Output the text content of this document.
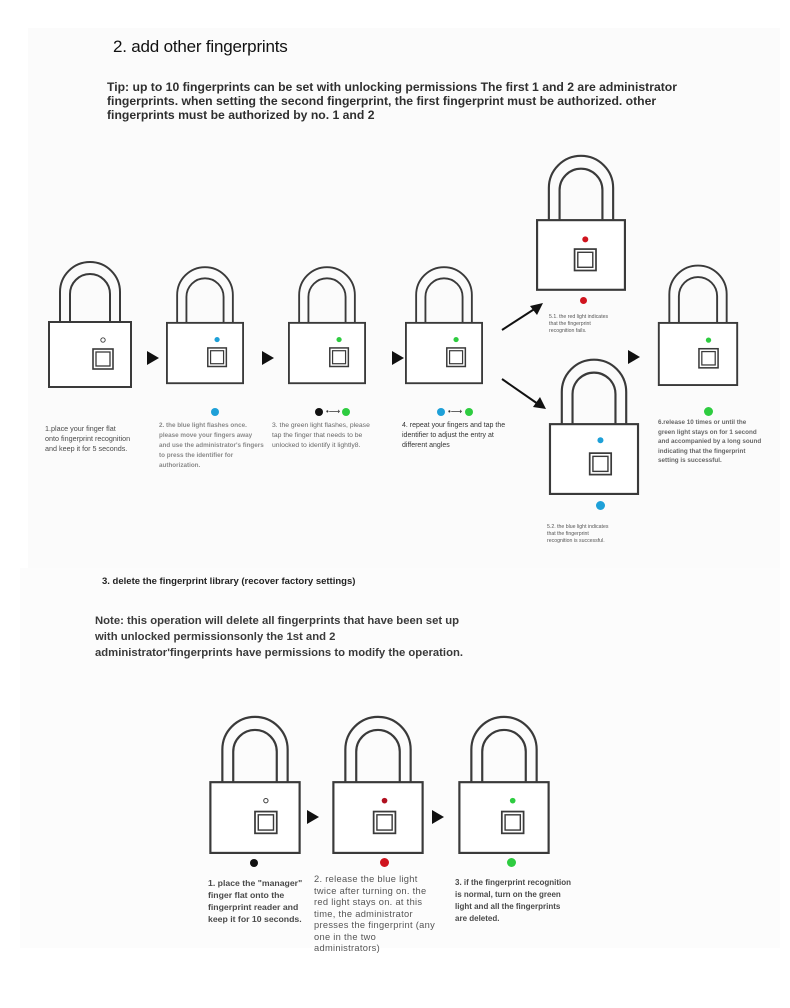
2. add other fingerprints
Tip: up to 10 fingerprints can be set with unlocking permissions The first 1 and 2 are administrator
fingerprints. when setting the second fingerprint, the first fingerprint must be authorized. other
fingerprints must be authorized by no. 1 and 2
•⟶	•⟶
5.1. the red light indicates
that the fingerprint
recognition fails.
5.2. the blue light indicates
that the fingerprint
recognition is successful.
1.place your finger flat
onto fingerprint recognition
and keep it for 5 seconds.
2. the blue light flashes once.
please move your fingers away
and use the administrator's fingers
to press the identifier for
authorization.
3. the green light flashes, please
tap the finger that needs to be
unlocked to identify it lightly8.
4. repeat your fingers and tap the
identifier to adjust the entry at
different angles
6.release 10 times or until the
green light stays on for 1 second
and accompanied by a long sound
indicating that the fingerprint
setting is successful.
3. delete the fingerprint library (recover factory settings)
Note: this operation will delete all fingerprints that have been set up
with unlocked permissionsonly the 1st and 2
administrator'fingerprints have permissions to modify the operation.
1. place the "manager"
finger flat onto the
fingerprint reader and
keep it for 10 seconds.
2. release the blue light
twice after turning on. the
red light stays on. at this
time, the administrator
presses the fingerprint (any
one in the two
administrators)
3. if the fingerprint recognition
is normal, turn on the green
light and all the fingerprints
are deleted.
